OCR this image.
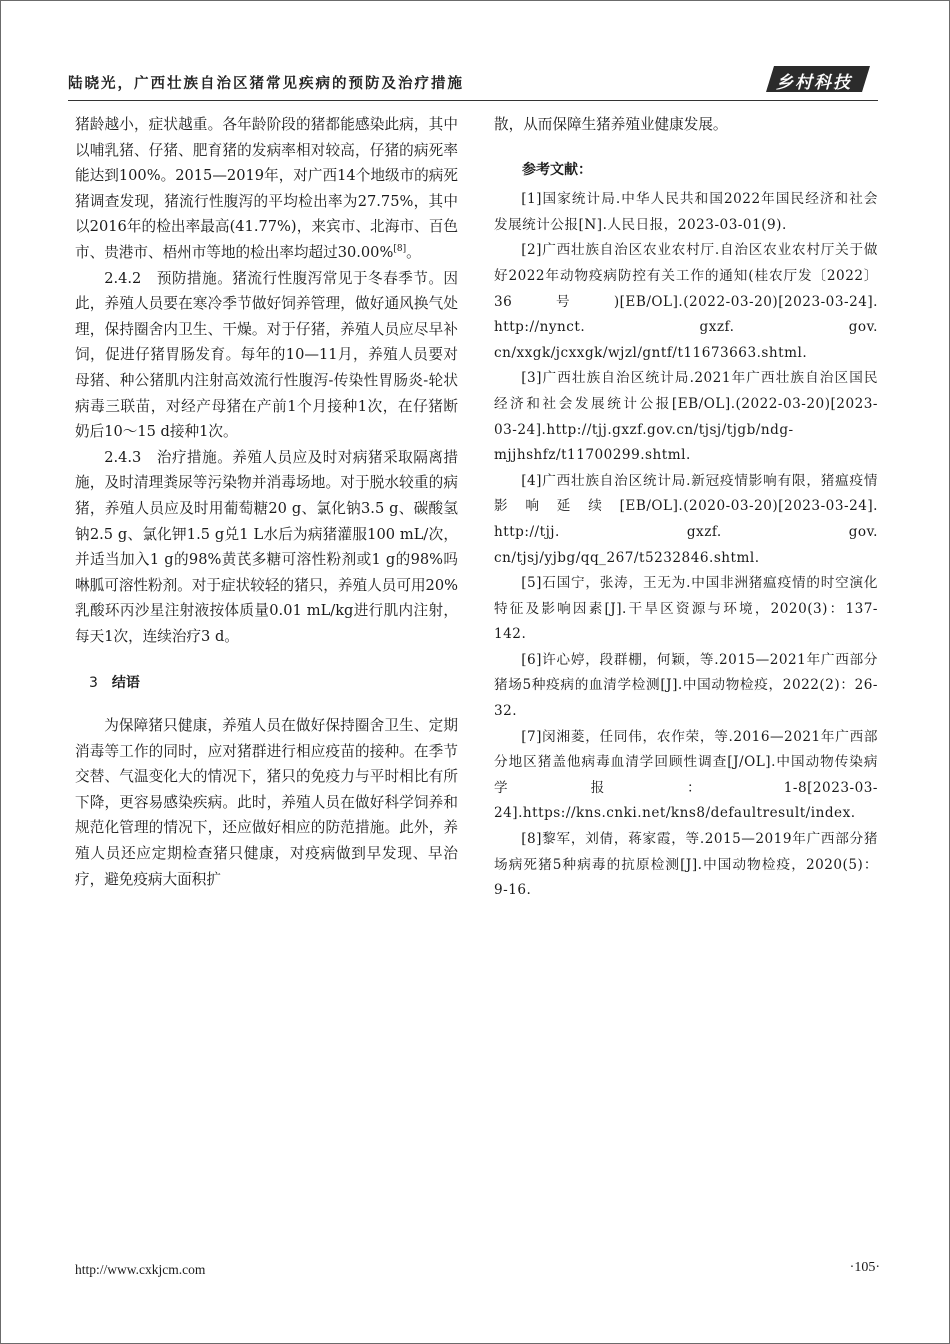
陆晓光，广西壮族自治区猪常见疾病的预防及治疗措施	乡村科技

猪龄越小，症状越重。各年龄阶段的猪都能感染此病，其中以哺乳猪、仔猪、肥育猪的发病率相对较高，仔猪的病死率能达到100%。2015—2019年，对广西14个地级市的病死猪调查发现，猪流行性腹泻的平均检出率为27.75%，其中以2016年的检出率最高(41.77%)，来宾市、北海市、百色市、贵港市、梧州市等地的检出率均超过30.00%[8]。

2.4.2　预防措施。猪流行性腹泻常见于冬春季节。因此，养殖人员要在寒冷季节做好饲养管理，做好通风换气处理，保持圈舍内卫生、干燥。对于仔猪，养殖人员应尽早补饲，促进仔猪胃肠发育。每年的10—11月，养殖人员要对母猪、种公猪肌内注射高效流行性腹泻-传染性胃肠炎-轮状病毒三联苗，对经产母猪在产前1个月接种1次，在仔猪断奶后10～15 d接种1次。

2.4.3　治疗措施。养殖人员应及时对病猪采取隔离措施，及时清理粪尿等污染物并消毒场地。对于脱水较重的病猪，养殖人员应及时用葡萄糖20 g、氯化钠3.5 g、碳酸氢钠2.5 g、氯化钾1.5 g兑1 L水后为病猪灌服100 mL/次，并适当加入1 g的98%黄芪多糖可溶性粉剂或1 g的98%吗啉胍可溶性粉剂。对于症状较轻的猪只，养殖人员可用20%乳酸环丙沙星注射液按体质量0.01 mL/kg进行肌内注射，每天1次，连续治疗3 d。

3 结语

为保障猪只健康，养殖人员在做好保持圈舍卫生、定期消毒等工作的同时，应对猪群进行相应疫苗的接种。在季节交替、气温变化大的情况下，猪只的免疫力与平时相比有所下降，更容易感染疾病。此时，养殖人员在做好科学饲养和规范化管理的情况下，还应做好相应的防范措施。此外，养殖人员还应定期检查猪只健康，对疫病做到早发现、早治疗，避免疫病大面积扩

散，从而保障生猪养殖业健康发展。

参考文献：

[1]国家统计局.中华人民共和国2022年国民经济和社会发展统计公报[N].人民日报，2023-03-01(9).

[2]广西壮族自治区农业农村厅.自治区农业农村厅关于做好2022年动物疫病防控有关工作的通知(桂农厅发〔2022〕36号)[EB/OL].(2022-03-20)[2023-03-24]. http://nynct. gxzf. gov. cn/xxgk/jcxxgk/wjzl/gntf/t11673663.shtml.

[3]广西壮族自治区统计局.2021年广西壮族自治区国民经济和社会发展统计公报[EB/OL].(2022-03-20)[2023-03-24].http://tjj.gxzf.gov.cn/tjsj/tjgb/ndg-mjjhshfz/t11700299.shtml.

[4]广西壮族自治区统计局.新冠疫情影响有限，猪瘟疫情影响延续[EB/OL].(2020-03-20)[2023-03-24]. http://tjj. gxzf. gov. cn/tjsj/yjbg/qq_267/t5232846.shtml.

[5]石国宁，张涛，王无为.中国非洲猪瘟疫情的时空演化特征及影响因素[J].干旱区资源与环境，2020(3)：137-142.

[6]许心婷，段群棚，何颖，等.2015—2021年广西部分猪场5种疫病的血清学检测[J].中国动物检疫，2022(2)：26-32.

[7]闵湘菱，任同伟，农作荣，等.2016—2021年广西部分地区猪盖他病毒血清学回顾性调查[J/OL].中国动物传染病学报：1-8[2023-03-24].https://kns.cnki.net/kns8/defaultresult/index.

[8]黎军，刘倩，蒋家霞，等.2015—2019年广西部分猪场病死猪5种病毒的抗原检测[J].中国动物检疫，2020(5)：9-16.

http://www.cxkjcm.com	·105·
